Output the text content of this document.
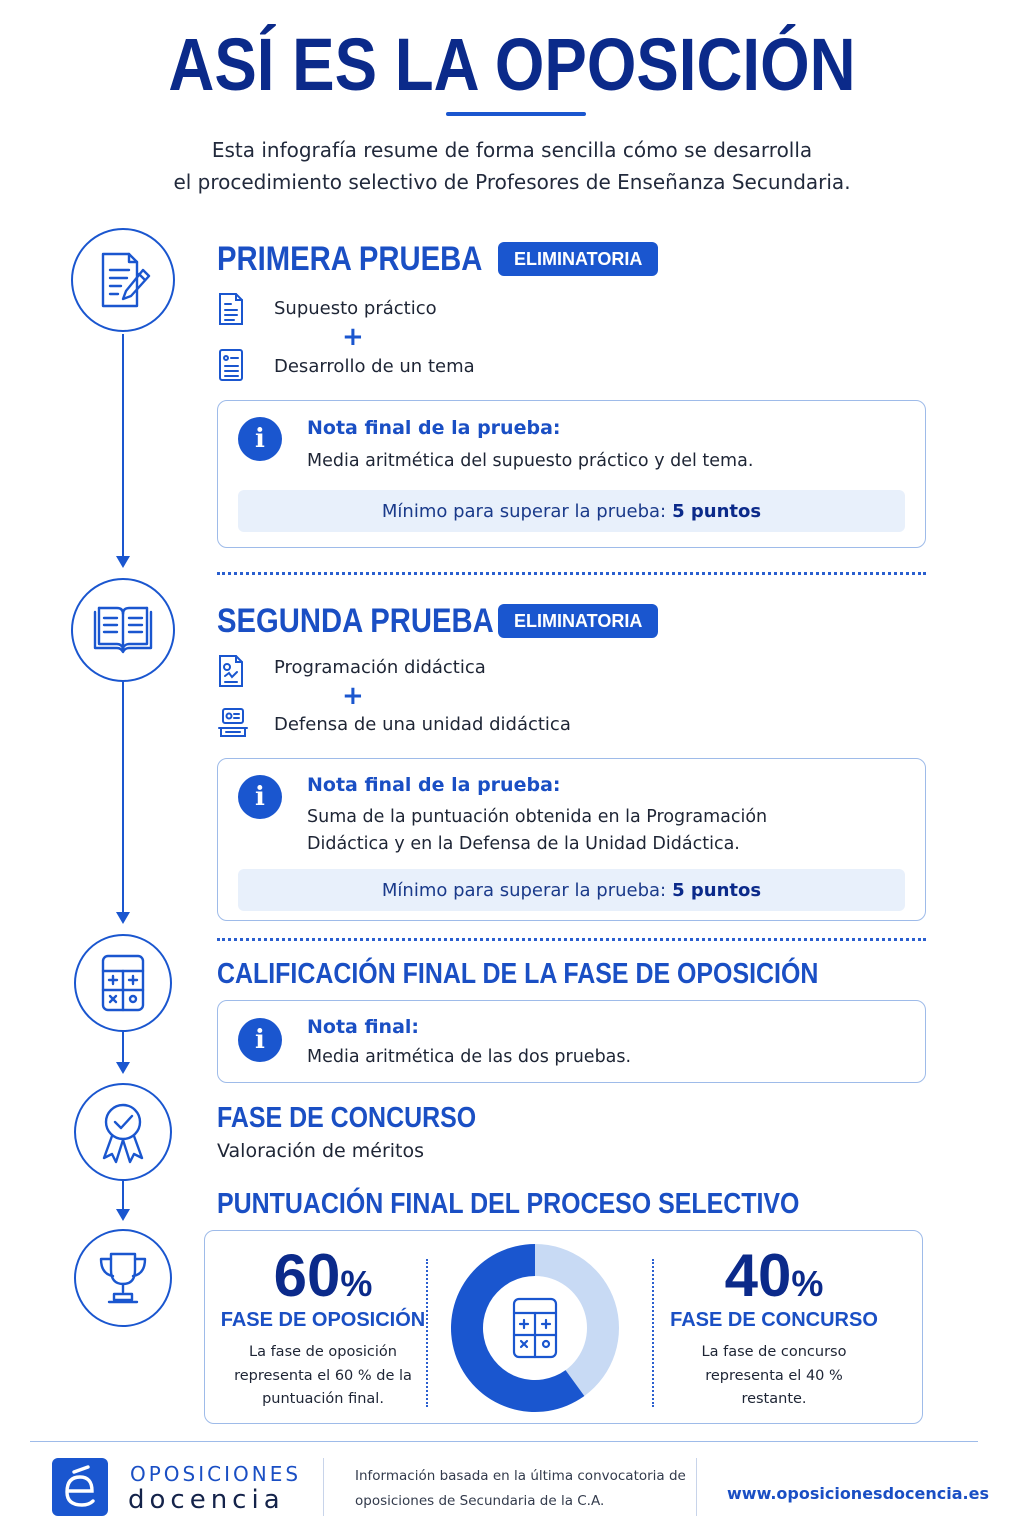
ASÍ ES LA OPOSICIÓN
Esta infografía resume de forma sencilla cómo se desarrolla
el procedimiento selectivo de Profesores de Enseñanza Secundaria.
PRIMERA PRUEBA	ELIMINATORIA
Supuesto práctico
+
Desarrollo de un tema
i	Nota final de la prueba:
Media aritmética del supuesto práctico y del tema.
Mínimo para superar la prueba: 5 puntos
SEGUNDA PRUEBA	ELIMINATORIA
Programación didáctica
+
Defensa de una unidad didáctica
i	Nota final de la prueba:
Suma de la puntuación obtenida en la Programación
Didáctica y en la Defensa de la Unidad Didáctica.
Mínimo para superar la prueba: 5 puntos
CALIFICACIÓN FINAL DE LA FASE DE OPOSICIÓN
i	Nota final:
Media aritmética de las dos pruebas.
FASE DE CONCURSO
Valoración de méritos
PUNTUACIÓN FINAL DEL PROCESO SELECTIVO
60%
FASE DE OPOSICIÓN
La fase de oposición
representa el 60 % de la
puntuación final.
40%
FASE DE CONCURSO
La fase de concurso
representa el 40 %
restante.
OPOSICIONES
docencia
Información basada en la última convocatoria de
oposiciones de Secundaria de la C.A.	www.oposicionesdocencia.es
